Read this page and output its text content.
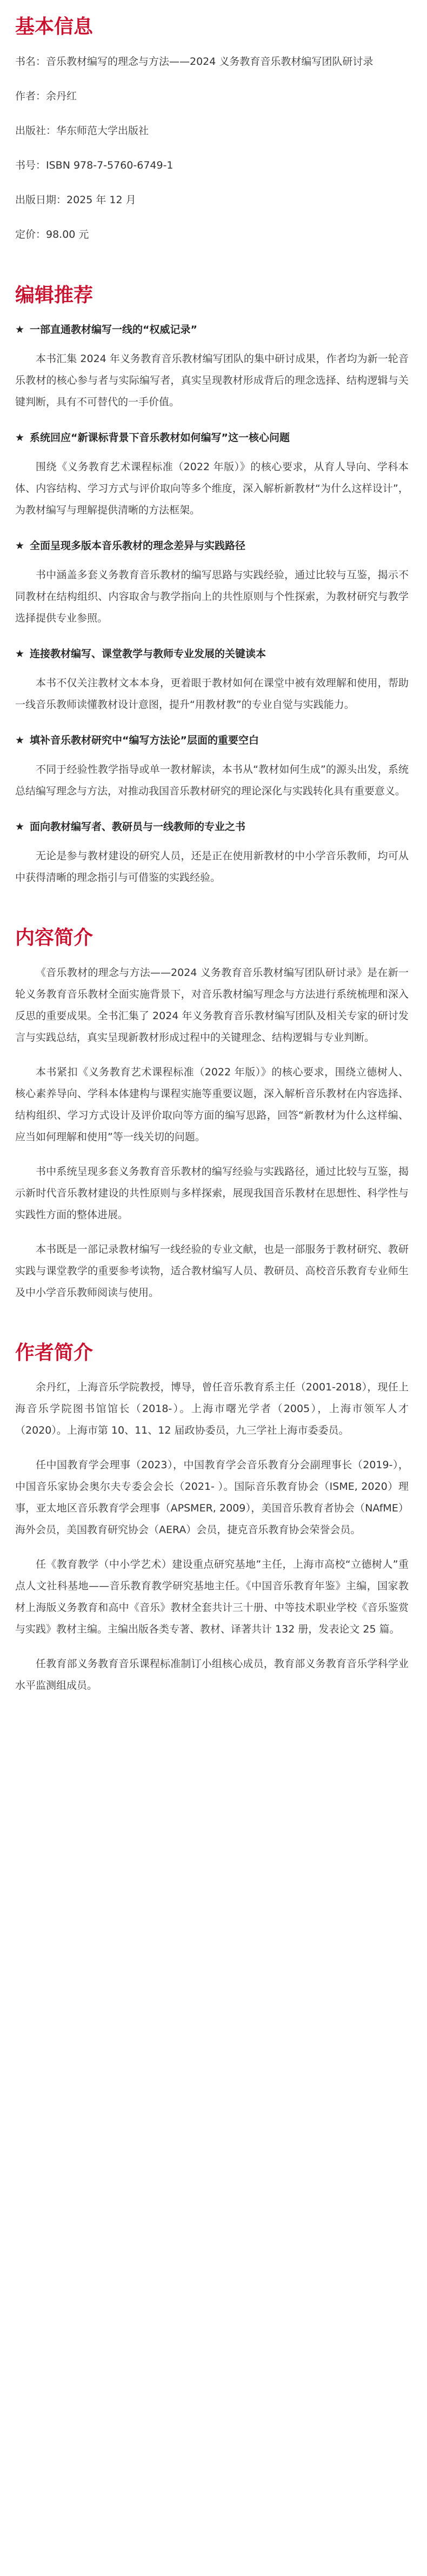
基本信息

书名：音乐教材编写的理念与方法——2024 义务教育音乐教材编写团队研讨录

作者：余丹红

出版社：华东师范大学出版社

书号：ISBN 978-7-5760-6749-1

出版日期：2025 年 12 月

定价：98.00 元

编辑推荐
★ 一部直通教材编写一线的“权威记录”

本书汇集 2024 年义务教育音乐教材编写团队的集中研讨成果，作者均为新一轮音乐教材的核心参与者与实际编写者，真实呈现教材形成背后的理念选择、结构逻辑与关键判断，具有不可替代的一手价值。

★ 系统回应“新课标背景下音乐教材如何编写”这一核心问题

围绕《义务教育艺术课程标准（2022 年版）》的核心要求，从育人导向、学科本体、内容结构、学习方式与评价取向等多个维度，深入解析新教材“为什么这样设计”，为教材编写与理解提供清晰的方法框架。

★ 全面呈现多版本音乐教材的理念差异与实践路径

书中涵盖多套义务教育音乐教材的编写思路与实践经验，通过比较与互鉴，揭示不同教材在结构组织、内容取舍与教学指向上的共性原则与个性探索，为教材研究与教学选择提供专业参照。

★ 连接教材编写、课堂教学与教师专业发展的关键读本

本书不仅关注教材文本本身，更着眼于教材如何在课堂中被有效理解和使用，帮助一线音乐教师读懂教材设计意图，提升“用教材教”的专业自觉与实践能力。

★ 填补音乐教材研究中“编写方法论”层面的重要空白

不同于经验性教学指导或单一教材解读，本书从“教材如何生成”的源头出发，系统总结编写理念与方法，对推动我国音乐教材研究的理论深化与实践转化具有重要意义。

★ 面向教材编写者、教研员与一线教师的专业之书

无论是参与教材建设的研究人员，还是正在使用新教材的中小学音乐教师，均可从中获得清晰的理念指引与可借鉴的实践经验。

内容简介

《音乐教材的理念与方法——2024 义务教育音乐教材编写团队研讨录》是在新一轮义务教育音乐教材全面实施背景下，对音乐教材编写理念与方法进行系统梳理和深入反思的重要成果。全书汇集了 2024 年义务教育音乐教材编写团队及相关专家的研讨发言与实践总结，真实呈现新教材形成过程中的关键理念、结构逻辑与专业判断。

本书紧扣《义务教育艺术课程标准（2022 年版）》的核心要求，围绕立德树人、核心素养导向、学科本体建构与课程实施等重要议题，深入解析音乐教材在内容选择、结构组织、学习方式设计及评价取向等方面的编写思路，回答“新教材为什么这样编、应当如何理解和使用”等一线关切的问题。

书中系统呈现多套义务教育音乐教材的编写经验与实践路径，通过比较与互鉴，揭示新时代音乐教材建设的共性原则与多样探索，展现我国音乐教材在思想性、科学性与实践性方面的整体进展。

本书既是一部记录教材编写一线经验的专业文献，也是一部服务于教材研究、教研实践与课堂教学的重要参考读物，适合教材编写人员、教研员、高校音乐教育专业师生及中小学音乐教师阅读与使用。

作者简介

余丹红，上海音乐学院教授，博导，曾任音乐教育系主任（2001-2018），现任上海音乐学院图书馆馆长（2018-）。上海市曙光学者（2005），上海市领军人才（2020）。上海市第 10、11、12 届政协委员，九三学社上海市委委员。

任中国教育学会理事（2023），中国教育学会音乐教育分会副理事长（2019-），中国音乐家协会奥尔夫专委会会长（2021- ）。国际音乐教育协会（ISME, 2020）理事，亚太地区音乐教育学会理事（APSMER, 2009），美国音乐教育者协会（NAfME）海外会员，美国教育研究协会（AERA）会员，捷克音乐教育协会荣誉会员。

任《教育教学（中小学艺术）建设重点研究基地”主任，上海市高校“立德树人”重点人文社科基地——音乐教育教学研究基地主任。《中国音乐教育年鉴》主编，国家教材上海版义务教育和高中《音乐》教材全套共计三十册、中等技术职业学校《音乐鉴赏与实践》教材主编。主编出版各类专著、教材、译著共计 132 册，发表论文 25 篇。

任教育部义务教育音乐课程标准制订小组核心成员，教育部义务教育音乐学科学业水平监测组成员。
